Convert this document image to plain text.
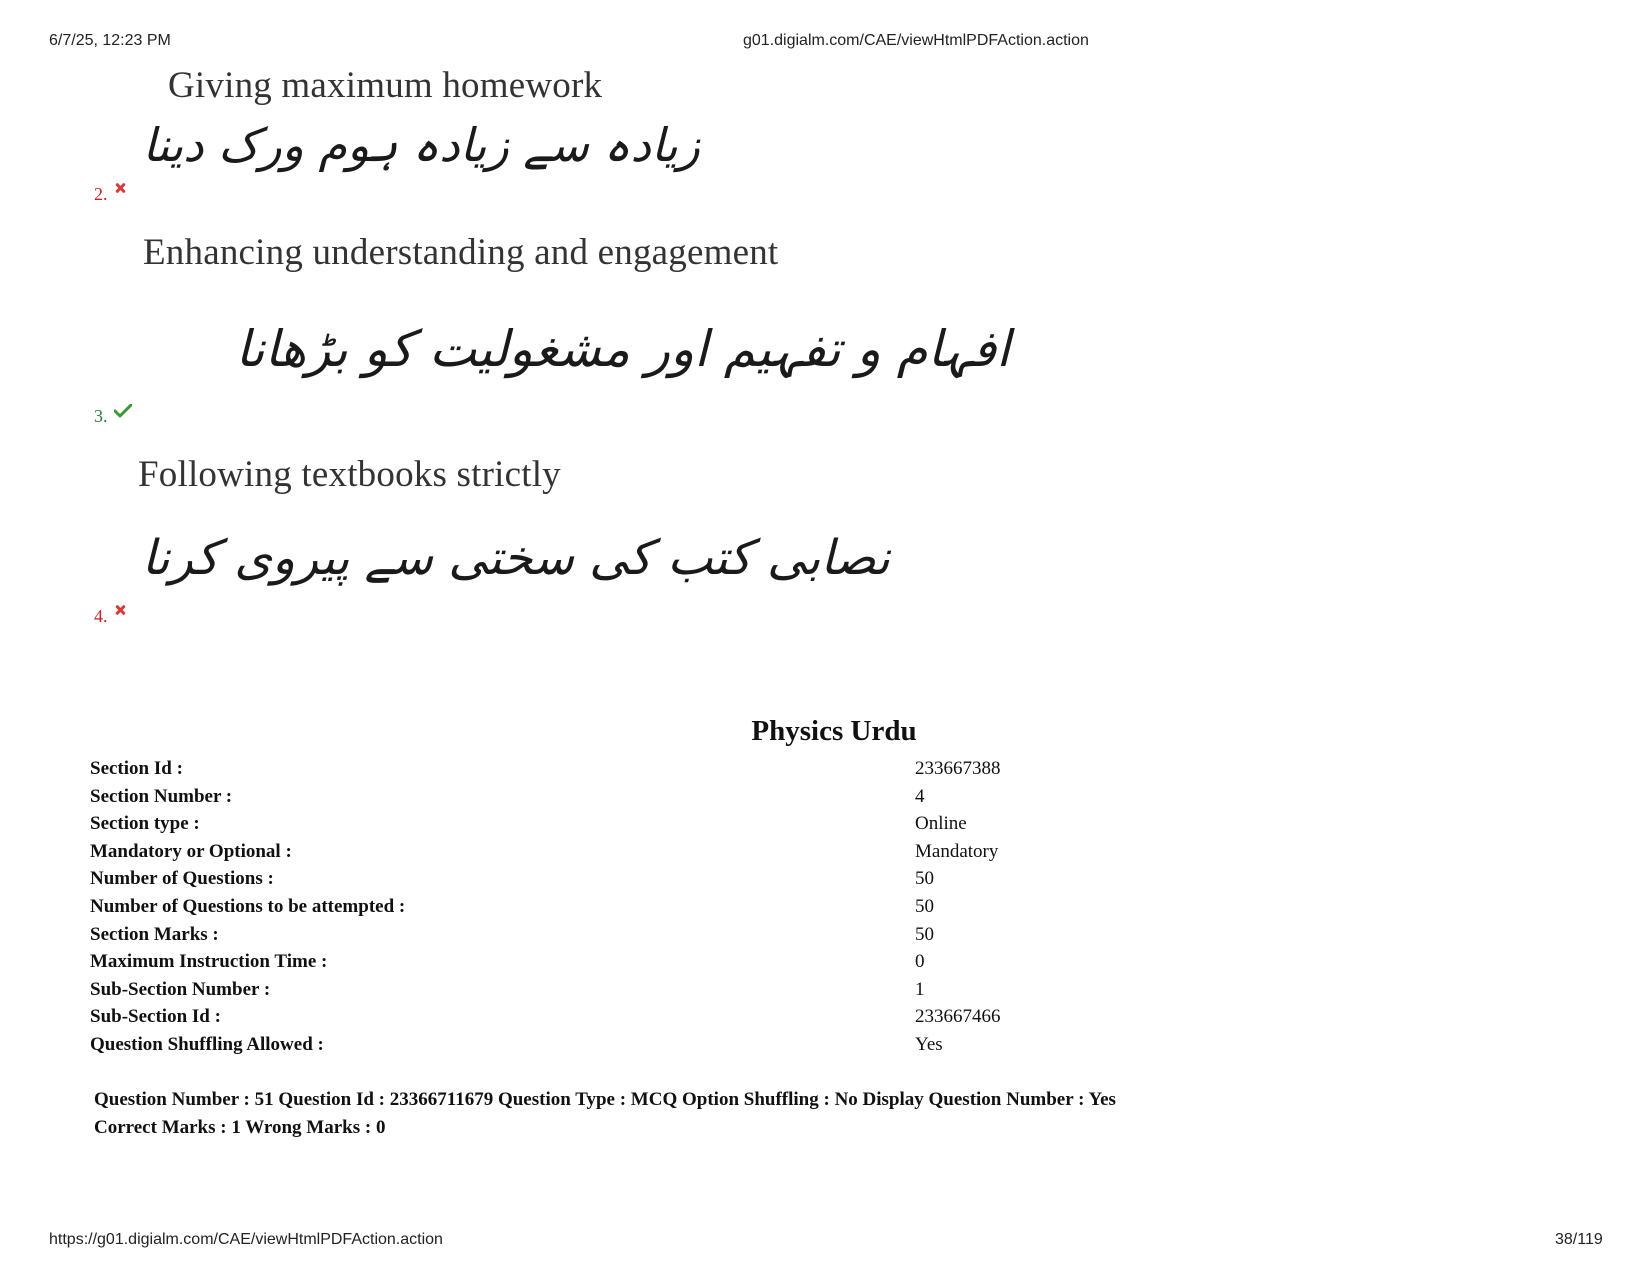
6/7/25, 12:23 PM	g01.digialm.com/CAE/viewHtmlPDFAction.action
Giving maximum homework
زیادہ سے زیادہ ہوم ورک دینا
2.
Enhancing understanding and engagement
افہام و تفہیم اور مشغولیت کو بڑھانا
3.
Following textbooks strictly
نصابی کتب کی سختی سے پیروی کرنا
4.
Physics Urdu
Section Id :	233667388
Section Number :	4
Section type :	Online
Mandatory or Optional :	Mandatory
Number of Questions :	50
Number of Questions to be attempted :	50
Section Marks :	50
Maximum Instruction Time :	0
Sub-Section Number :	1
Sub-Section Id :	233667466
Question Shuffling Allowed :	Yes
Question Number : 51 Question Id : 23366711679 Question Type : MCQ Option Shuffling : No Display Question Number : Yes
Correct Marks : 1 Wrong Marks : 0
https://g01.digialm.com/CAE/viewHtmlPDFAction.action	38/119
